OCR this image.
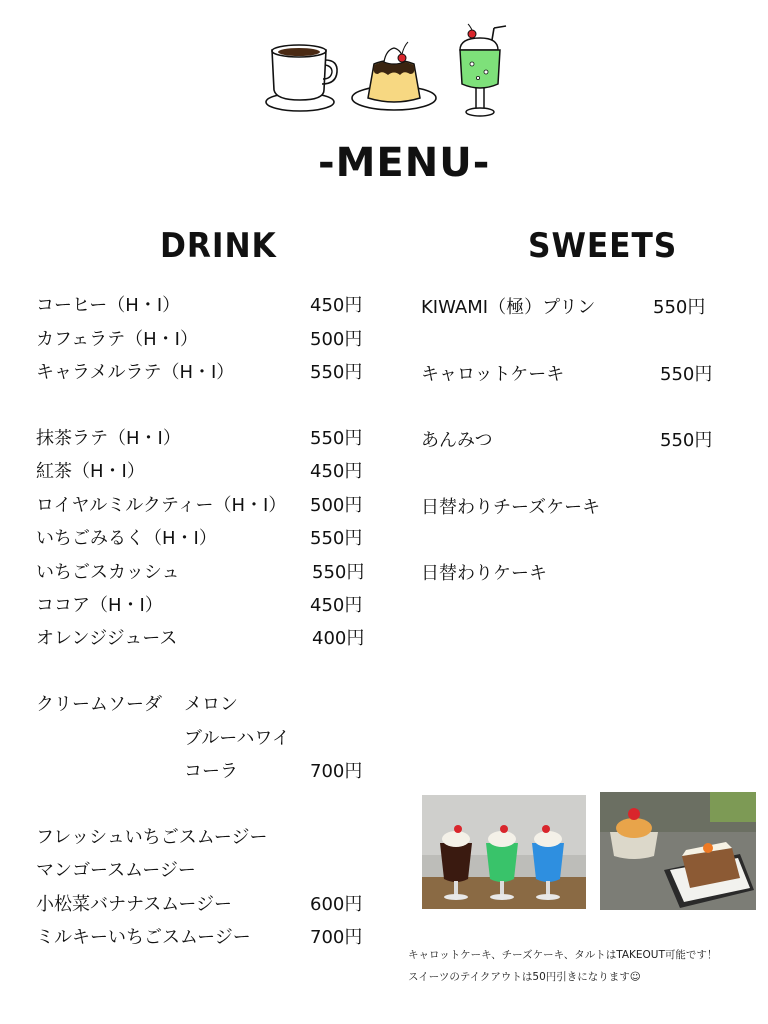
-MENU-
DRINK	SWEETS
コーヒー（H・I）	450円
カフェラテ（H・I）	500円
キャラメルラテ（H・I）	550円
抹茶ラテ（H・I）	550円
紅茶（H・I）	450円
ロイヤルミルクティー（H・I） 500円
いちごみるく（H・I）	550円
いちごスカッシュ	550円
ココア（H・I）	450円
オレンジジュース	400円
クリームソーダ メロン
ブルーハワイ
コーラ	700円
フレッシュいちごスムージー
マンゴースムージー
小松菜バナナスムージー	600円
ミルキーいちごスムージー	700円
KIWAMI（極）プリン	550円
キャロットケーキ	550円
あんみつ	550円
日替わりチーズケーキ
日替わりケーキ
キャロットケーキ、チーズケーキ、タルトはTAKEOUT可能です！
スイーツのテイクアウトは50円引きになります☺
